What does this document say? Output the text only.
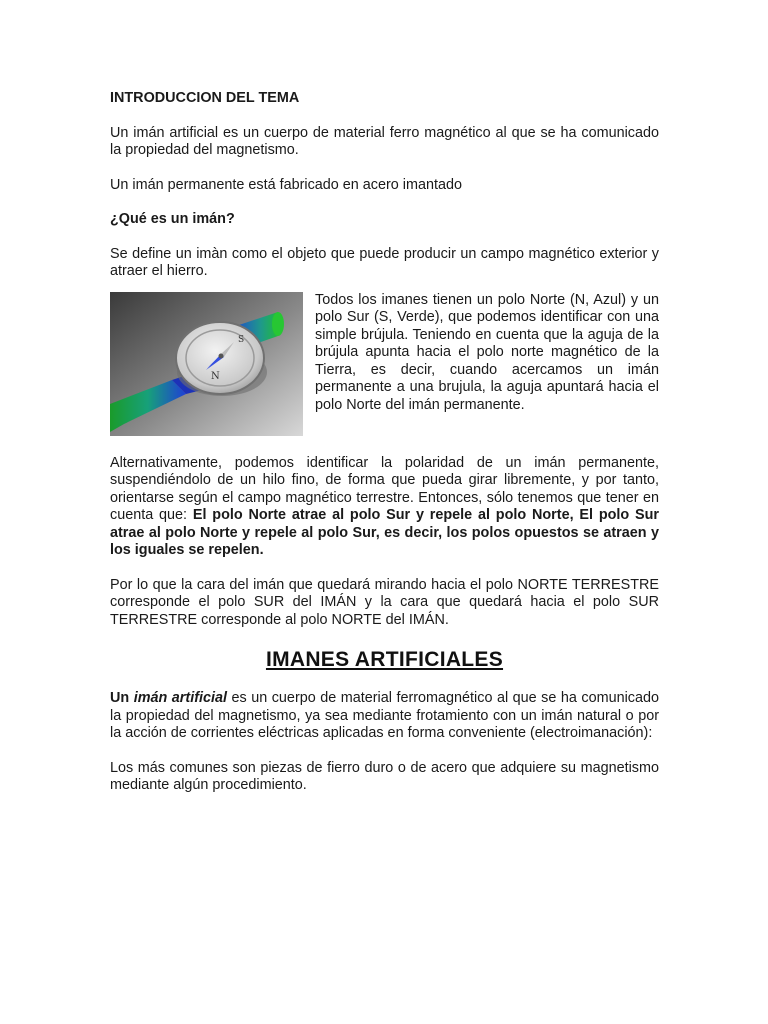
INTRODUCCION DEL TEMA

Un imán artificial es un cuerpo de material ferro magnético al que se ha comunicado la propiedad del magnetismo.

Un imán permanente está fabricado en acero imantado

¿Qué es un imán?

Se define un imàn como el objeto que puede producir un campo magnético exterior y atraer el hierro.

N
S

Todos los imanes tienen un polo Norte (N, Azul) y un polo Sur (S, Verde), que podemos identificar con una simple brújula. Teniendo en cuenta que la aguja de la brújula apunta hacia el polo norte magnético de la Tierra, es decir, cuando acercamos un imán permanente a una brujula, la aguja apuntará hacia el polo Norte del imán permanente.

Alternativamente, podemos identificar la polaridad de un imán permanente, suspendiéndolo de un hilo fino, de forma que pueda girar libremente, y por tanto, orientarse según el campo magnético terrestre. Entonces, sólo tenemos que tener en cuenta que: El polo Norte atrae al polo Sur y repele al polo Norte, El polo Sur atrae al polo Norte y repele al polo Sur, es decir, los polos opuestos se atraen y los iguales se repelen.

Por lo que la cara del imán que quedará mirando hacia el polo NORTE TERRESTRE corresponde el polo SUR del IMÁN y la cara que quedará hacia el polo SUR TERRESTRE corresponde al polo NORTE del IMÁN.

IMANES ARTIFICIALES

Un imán artificial es un cuerpo de material ferromagnético al que se ha comunicado la propiedad del magnetismo, ya sea mediante frotamiento con un imán natural o por la acción de corrientes eléctricas aplicadas en forma conveniente (electroimanación):

Los más comunes son piezas de fierro duro o de acero que adquiere su magnetismo mediante algún procedimiento.
